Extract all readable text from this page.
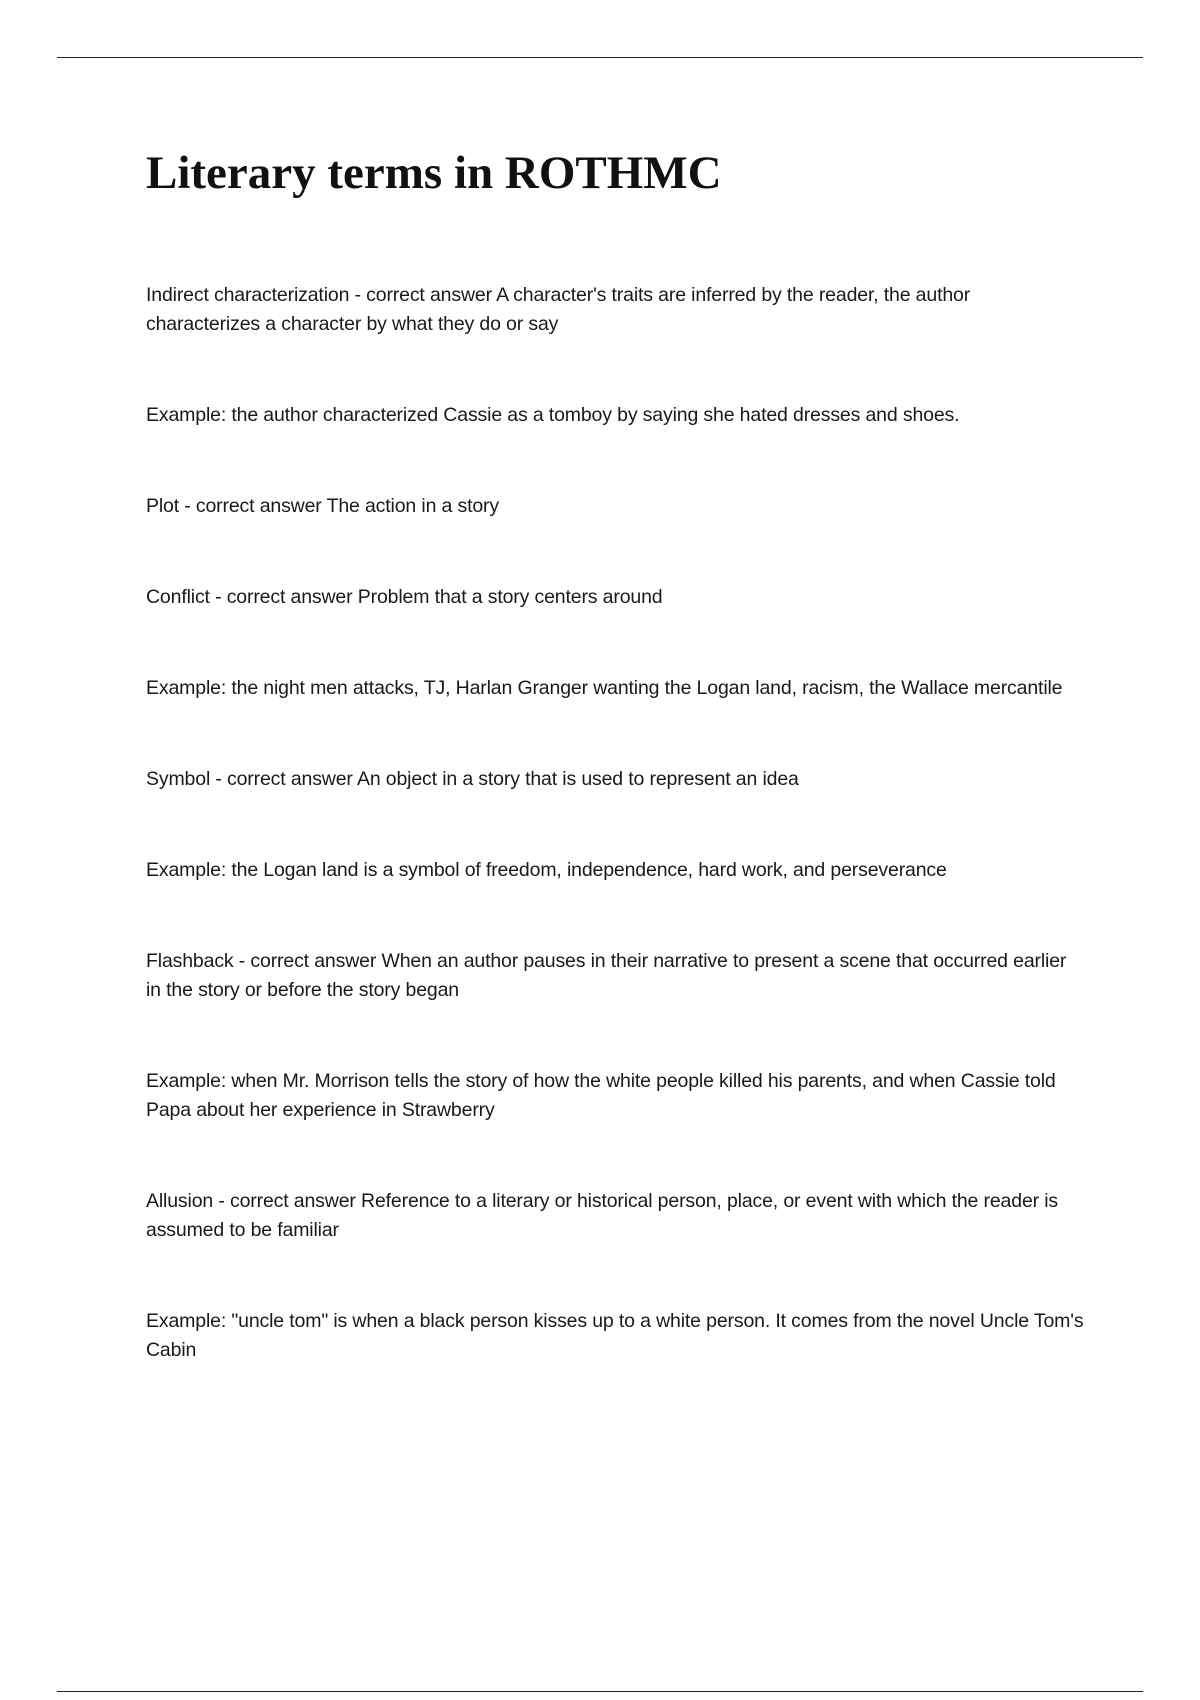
Literary terms in ROTHMC

Indirect characterization - correct answer A character's traits are inferred by the reader, the author characterizes a character by what they do or say

Example: the author characterized Cassie as a tomboy by saying she hated dresses and shoes.

Plot - correct answer The action in a story

Conflict - correct answer Problem that a story centers around

Example: the night men attacks, TJ, Harlan Granger wanting the Logan land, racism, the Wallace mercantile

Symbol - correct answer An object in a story that is used to represent an idea

Example: the Logan land is a symbol of freedom, independence, hard work, and perseverance

Flashback - correct answer When an author pauses in their narrative to present a scene that occurred earlier in the story or before the story began

Example: when Mr. Morrison tells the story of how the white people killed his parents, and when Cassie told Papa about her experience in Strawberry

Allusion - correct answer Reference to a literary or historical person, place, or event with which the reader is assumed to be familiar

Example: "uncle tom" is when a black person kisses up to a white person. It comes from the novel Uncle Tom's Cabin
